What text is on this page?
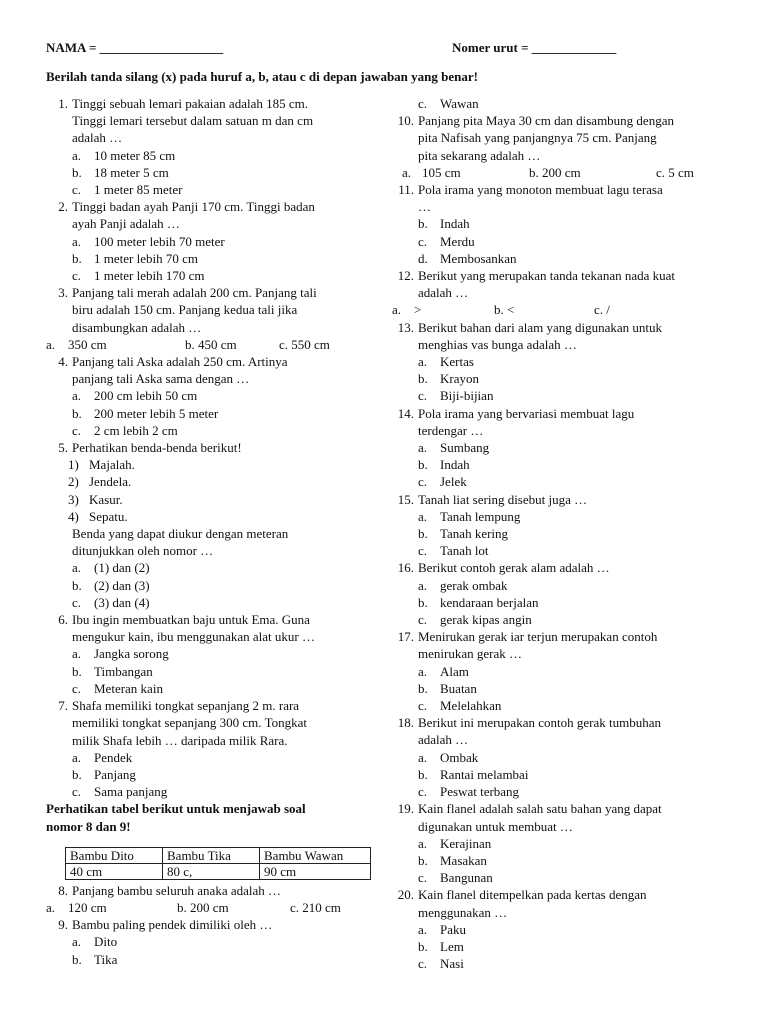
NAMA = ___________________	Nomer urut = _____________
Berilah tanda silang (x) pada huruf a, b, atau c di depan jawaban yang benar!
1. Tinggi sebuah lemari pakaian adalah 185 cm.
Tinggi lemari tersebut dalam satuan m dan cm
adalah …
a. 10 meter 85 cm
b. 18 meter 5 cm
c. 1 meter 85 meter
2. Tinggi badan ayah Panji 170 cm. Tinggi badan
ayah Panji adalah …
a. 100 meter lebih 70 meter
b. 1 meter lebih 70 cm
c. 1 meter lebih 170 cm
3. Panjang tali merah adalah 200 cm. Panjang tali
biru adalah 150 cm. Panjang kedua tali jika
disambungkan adalah …
a. 350 cm	b. 450 cm	c. 550 cm
4. Panjang tali Aska adalah 250 cm. Artinya
panjang tali Aska sama dengan …
a. 200 cm lebih 50 cm
b. 200 meter lebih 5 meter
c. 2 cm lebih 2 cm
5. Perhatikan benda-benda berikut!
1) Majalah.
2) Jendela.
3) Kasur.
4) Sepatu.
Benda yang dapat diukur dengan meteran
ditunjukkan oleh nomor …
a. (1) dan (2)
b. (2) dan (3)
c. (3) dan (4)
6. Ibu ingin membuatkan baju untuk Ema. Guna
mengukur kain, ibu menggunakan alat ukur …
a. Jangka sorong
b. Timbangan
c. Meteran kain
7. Shafa memiliki tongkat sepanjang 2 m. rara
memiliki tongkat sepanjang 300 cm. Tongkat
milik Shafa lebih … daripada milik Rara.
a. Pendek
b. Panjang
c. Sama panjang
Perhatikan tabel berikut untuk menjawab soal
nomor 8 dan 9!
Bambu Dito	Bambu Tika	Bambu Wawan
40 cm	80 c,	90 cm
8. Panjang bambu seluruh anaka adalah …
a. 120 cm	b. 200 cm	c. 210 cm
9. Bambu paling pendek dimiliki oleh …
a. Dito
b. Tika
c. Wawan
10. Panjang pita Maya 30 cm dan disambung dengan
pita Nafisah yang panjangnya 75 cm. Panjang
pita sekarang adalah …
a. 105 cm	b. 200 cm	c. 5 cm
11. Pola irama yang monoton membuat lagu terasa
…
b. Indah
c. Merdu
d. Membosankan
12. Berikut yang merupakan tanda tekanan nada kuat
adalah …
a. >	b. <	c. /
13. Berikut bahan dari alam yang digunakan untuk
menghias vas bunga adalah …
a. Kertas
b. Krayon
c. Biji-bijian
14. Pola irama yang bervariasi membuat lagu
terdengar …
a. Sumbang
b. Indah
c. Jelek
15. Tanah liat sering disebut juga …
a. Tanah lempung
b. Tanah kering
c. Tanah lot
16. Berikut contoh gerak alam adalah …
a. gerak ombak
b. kendaraan berjalan
c. gerak kipas angin
17. Menirukan gerak iar terjun merupakan contoh
menirukan gerak …
a. Alam
b. Buatan
c. Melelahkan
18. Berikut ini merupakan contoh gerak tumbuhan
adalah …
a. Ombak
b. Rantai melambai
c. Peswat terbang
19. Kain flanel adalah salah satu bahan yang dapat
digunakan untuk membuat …
a. Kerajinan
b. Masakan
c. Bangunan
20. Kain flanel ditempelkan pada kertas dengan
menggunakan …
a. Paku
b. Lem
c. Nasi
